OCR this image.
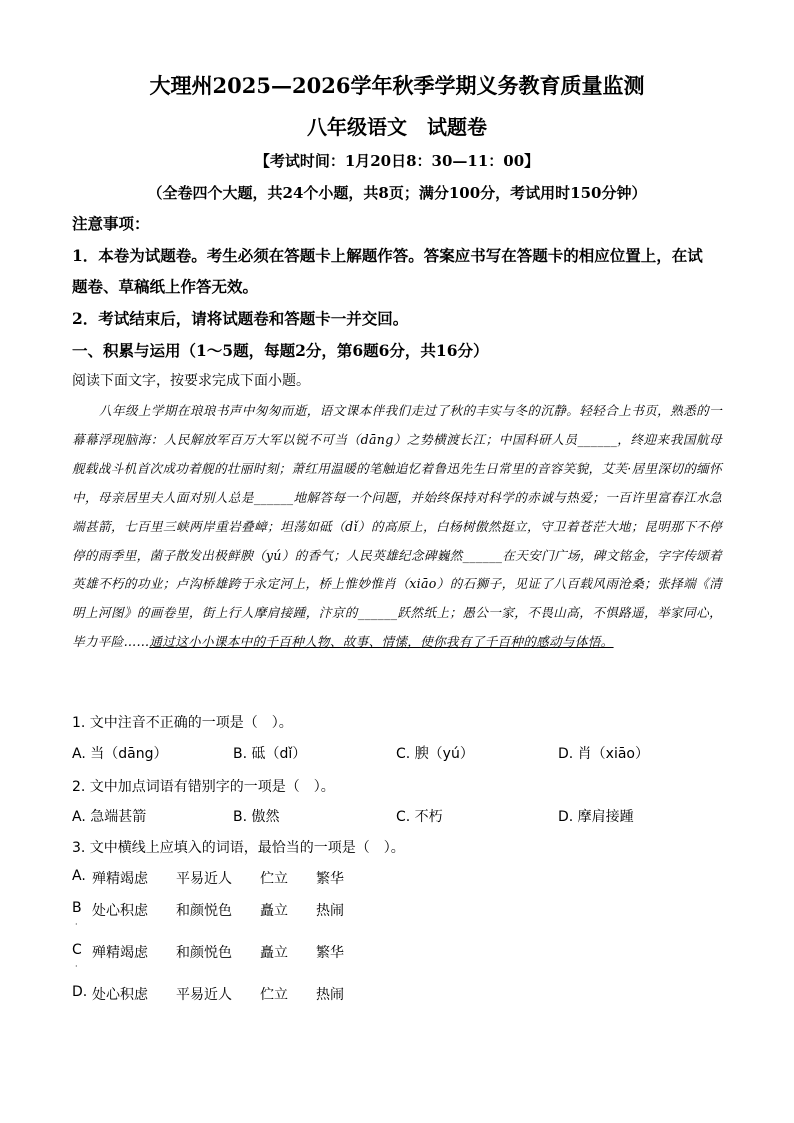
大理州2025—2026学年秋季学期义务教育质量监测
八年级语文　试题卷
【考试时间：1月20日8：30—11：00】
（全卷四个大题，共24个小题，共8页；满分100分，考试用时150分钟）
注意事项：
1．本卷为试题卷。考生必须在答题卡上解题作答。答案应书写在答题卡的相应位置上，在试
题卷、草稿纸上作答无效。
2．考试结束后，请将试题卷和答题卡一并交回。
一、积累与运用（1～5题，每题2分，第6题6分，共16分）
阅读下面文字，按要求完成下面小题。
八年级上学期在琅琅书声中匆匆而逝，语文课本伴我们走过了秋的丰实与冬的沉静。轻轻合上书页，熟悉的一幕幕浮现脑海：人民解放军百万大军以锐不可当（dāng）之势横渡长江；中国科研人员______，终迎来我国航母舰载战斗机首次成功着舰的壮丽时刻；萧红用温暖的笔触追忆着鲁迅先生日常里的音容笑貌，艾芙·居里深切的缅怀中，母亲居里夫人面对别人总是______地解答每一个问题，并始终保持对科学的赤诚与热爱；一百许里富春江水急端甚箭，七百里三峡两岸重岩叠嶂；坦荡如砥（dǐ）的高原上，白杨树傲然挺立，守卫着苍茫大地；昆明那下不停停的雨季里，菌子散发出极鲜腴（yú）的香气；人民英雄纪念碑巍然______在天安门广场，碑文铭金，字字传颂着英雄不朽的功业；卢沟桥雄跨于永定河上，桥上惟妙惟肖（xiāo）的石狮子，见证了八百载风雨沧桑；张择端《清明上河图》的画卷里，街上行人摩肩接踵，汴京的______跃然纸上；愚公一家，不畏山高，不惧路遥，举家同心，毕力平险……通过这小小课本中的千百种人物、故事、情愫，使你我有了千百种的感动与体悟。
1. 文中注音不正确的一项是（　）。
A. 当（dāng）	B. 砥（dǐ）	C. 腴（yú）	D. 肖（xiāo）
2. 文中加点词语有错别字的一项是（　）。
A. 急端甚箭	B. 傲然	C. 不朽	D. 摩肩接踵
3. 文中横线上应填入的词语，最恰当的一项是（　）。
A. 殚精竭虑 平易近人 伫立 繁华
B 处心积虑 和颜悦色 矗立 热闹
C 殚精竭虑 和颜悦色 矗立 繁华
D. 处心积虑 平易近人 伫立 热闹
·
·
